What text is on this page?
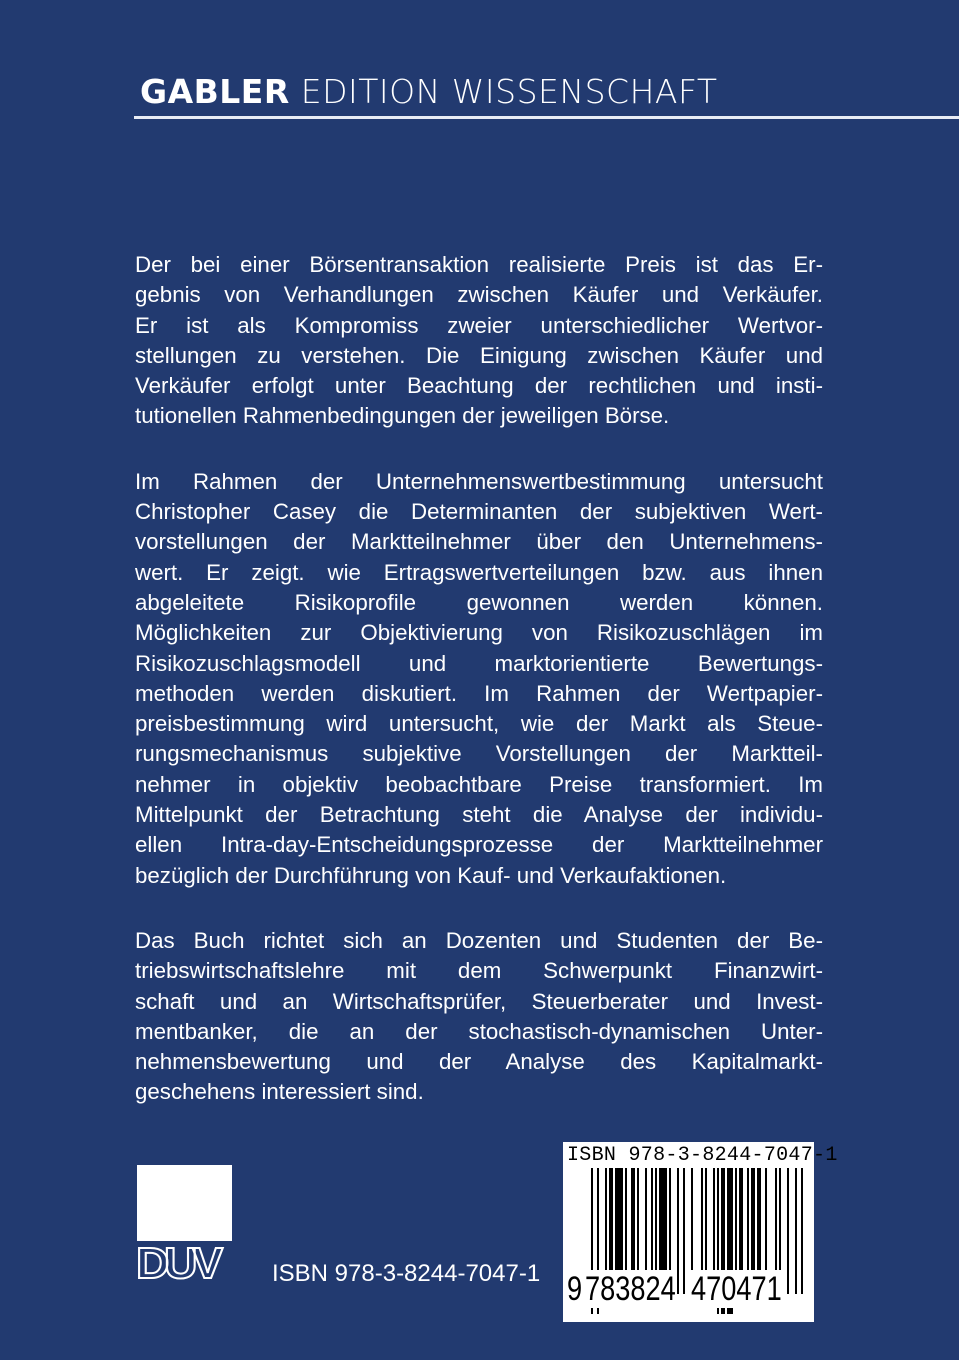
GABLER EDITION WISSENSCHAFT
Der bei einer Börsentransaktion realisierte Preis ist das Er-
gebnis von Verhandlungen zwischen Käufer und Verkäufer.
Er ist als Kompromiss zweier unterschiedlicher Wertvor-
stellungen zu verstehen. Die Einigung zwischen Käufer und
Verkäufer erfolgt unter Beachtung der rechtlichen und insti-
tutionellen Rahmenbedingungen der jeweiligen Börse.
Im Rahmen der Unternehmenswertbestimmung untersucht
Christopher Casey die Determinanten der subjektiven Wert-
vorstellungen der Marktteilnehmer über den Unternehmens-
wert. Er zeigt. wie Ertragswertverteilungen bzw. aus ihnen
abgeleitete Risikoprofile gewonnen werden können.
Möglichkeiten zur Objektivierung von Risikozuschlägen im
Risikozuschlagsmodell und marktorientierte Bewertungs-
methoden werden diskutiert. Im Rahmen der Wertpapier-
preisbestimmung wird untersucht, wie der Markt als Steue-
rungsmechanismus subjektive Vorstellungen der Marktteil-
nehmer in objektiv beobachtbare Preise transformiert. Im
Mittelpunkt der Betrachtung steht die Analyse der individu-
ellen Intra-day-Entscheidungsprozesse der Marktteilnehmer
bezüglich der Durchführung von Kauf- und Verkaufaktionen.
Das Buch richtet sich an Dozenten und Studenten der Be-
triebswirtschaftslehre mit dem Schwerpunkt Finanzwirt-
schaft und an Wirtschaftsprüfer, Steuerberater und Invest-
mentbanker, die an der stochastisch-dynamischen Unter-
nehmensbewertung und der Analyse des Kapitalmarkt-
geschehens interessiert sind.
DUV ISBN 978-3-8244-7047-1
ISBN 978-3-8244-7047-1
9 783824 470471
